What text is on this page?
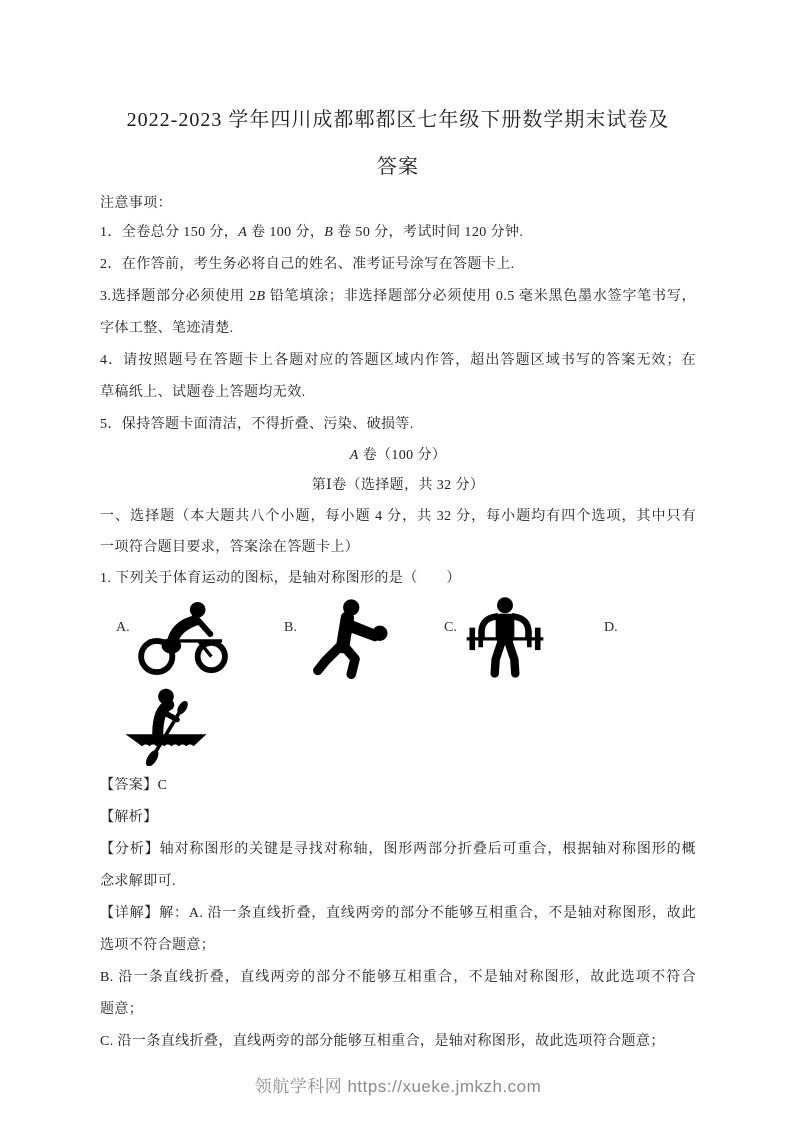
2022-2023 学年四川成都郫都区七年级下册数学期末试卷及
答案
注意事项：
1．全卷总分 150 分，A 卷 100 分，B 卷 50 分，考试时间 120 分钟.
2．在作答前，考生务必将自己的姓名、准考证号涂写在答题卡上.
3.选择题部分必须使用 2B 铅笔填涂；非选择题部分必须使用 0.5 毫米黑色墨水签字笔书写，
字体工整、笔迹清楚.
4．请按照题号在答题卡上各题对应的答题区域内作答，超出答题区域书写的答案无效；在
草稿纸上、试题卷上答题均无效.
5．保持答题卡面清洁，不得折叠、污染、破损等.
A 卷（100 分）
第Ⅰ卷（选择题，共 32 分）
一、选择题（本大题共八个小题，每小题 4 分，共 32 分，每小题均有四个选项，其中只有
一项符合题目要求，答案涂在答题卡上）
1. 下列关于体育运动的图标，是轴对称图形的是（　　）
A.	B.	C.	D.
【答案】C
【解析】
【分析】轴对称图形的关键是寻找对称轴，图形两部分折叠后可重合，根据轴对称图形的概
念求解即可.
【详解】解：A. 沿一条直线折叠，直线两旁的部分不能够互相重合，不是轴对称图形，故此
选项不符合题意；
B. 沿一条直线折叠，直线两旁的部分不能够互相重合，不是轴对称图形，故此选项不符合
题意；
C. 沿一条直线折叠，直线两旁的部分能够互相重合，是轴对称图形，故此选项符合题意；
领航学科网 https://xueke.jmkzh.com
